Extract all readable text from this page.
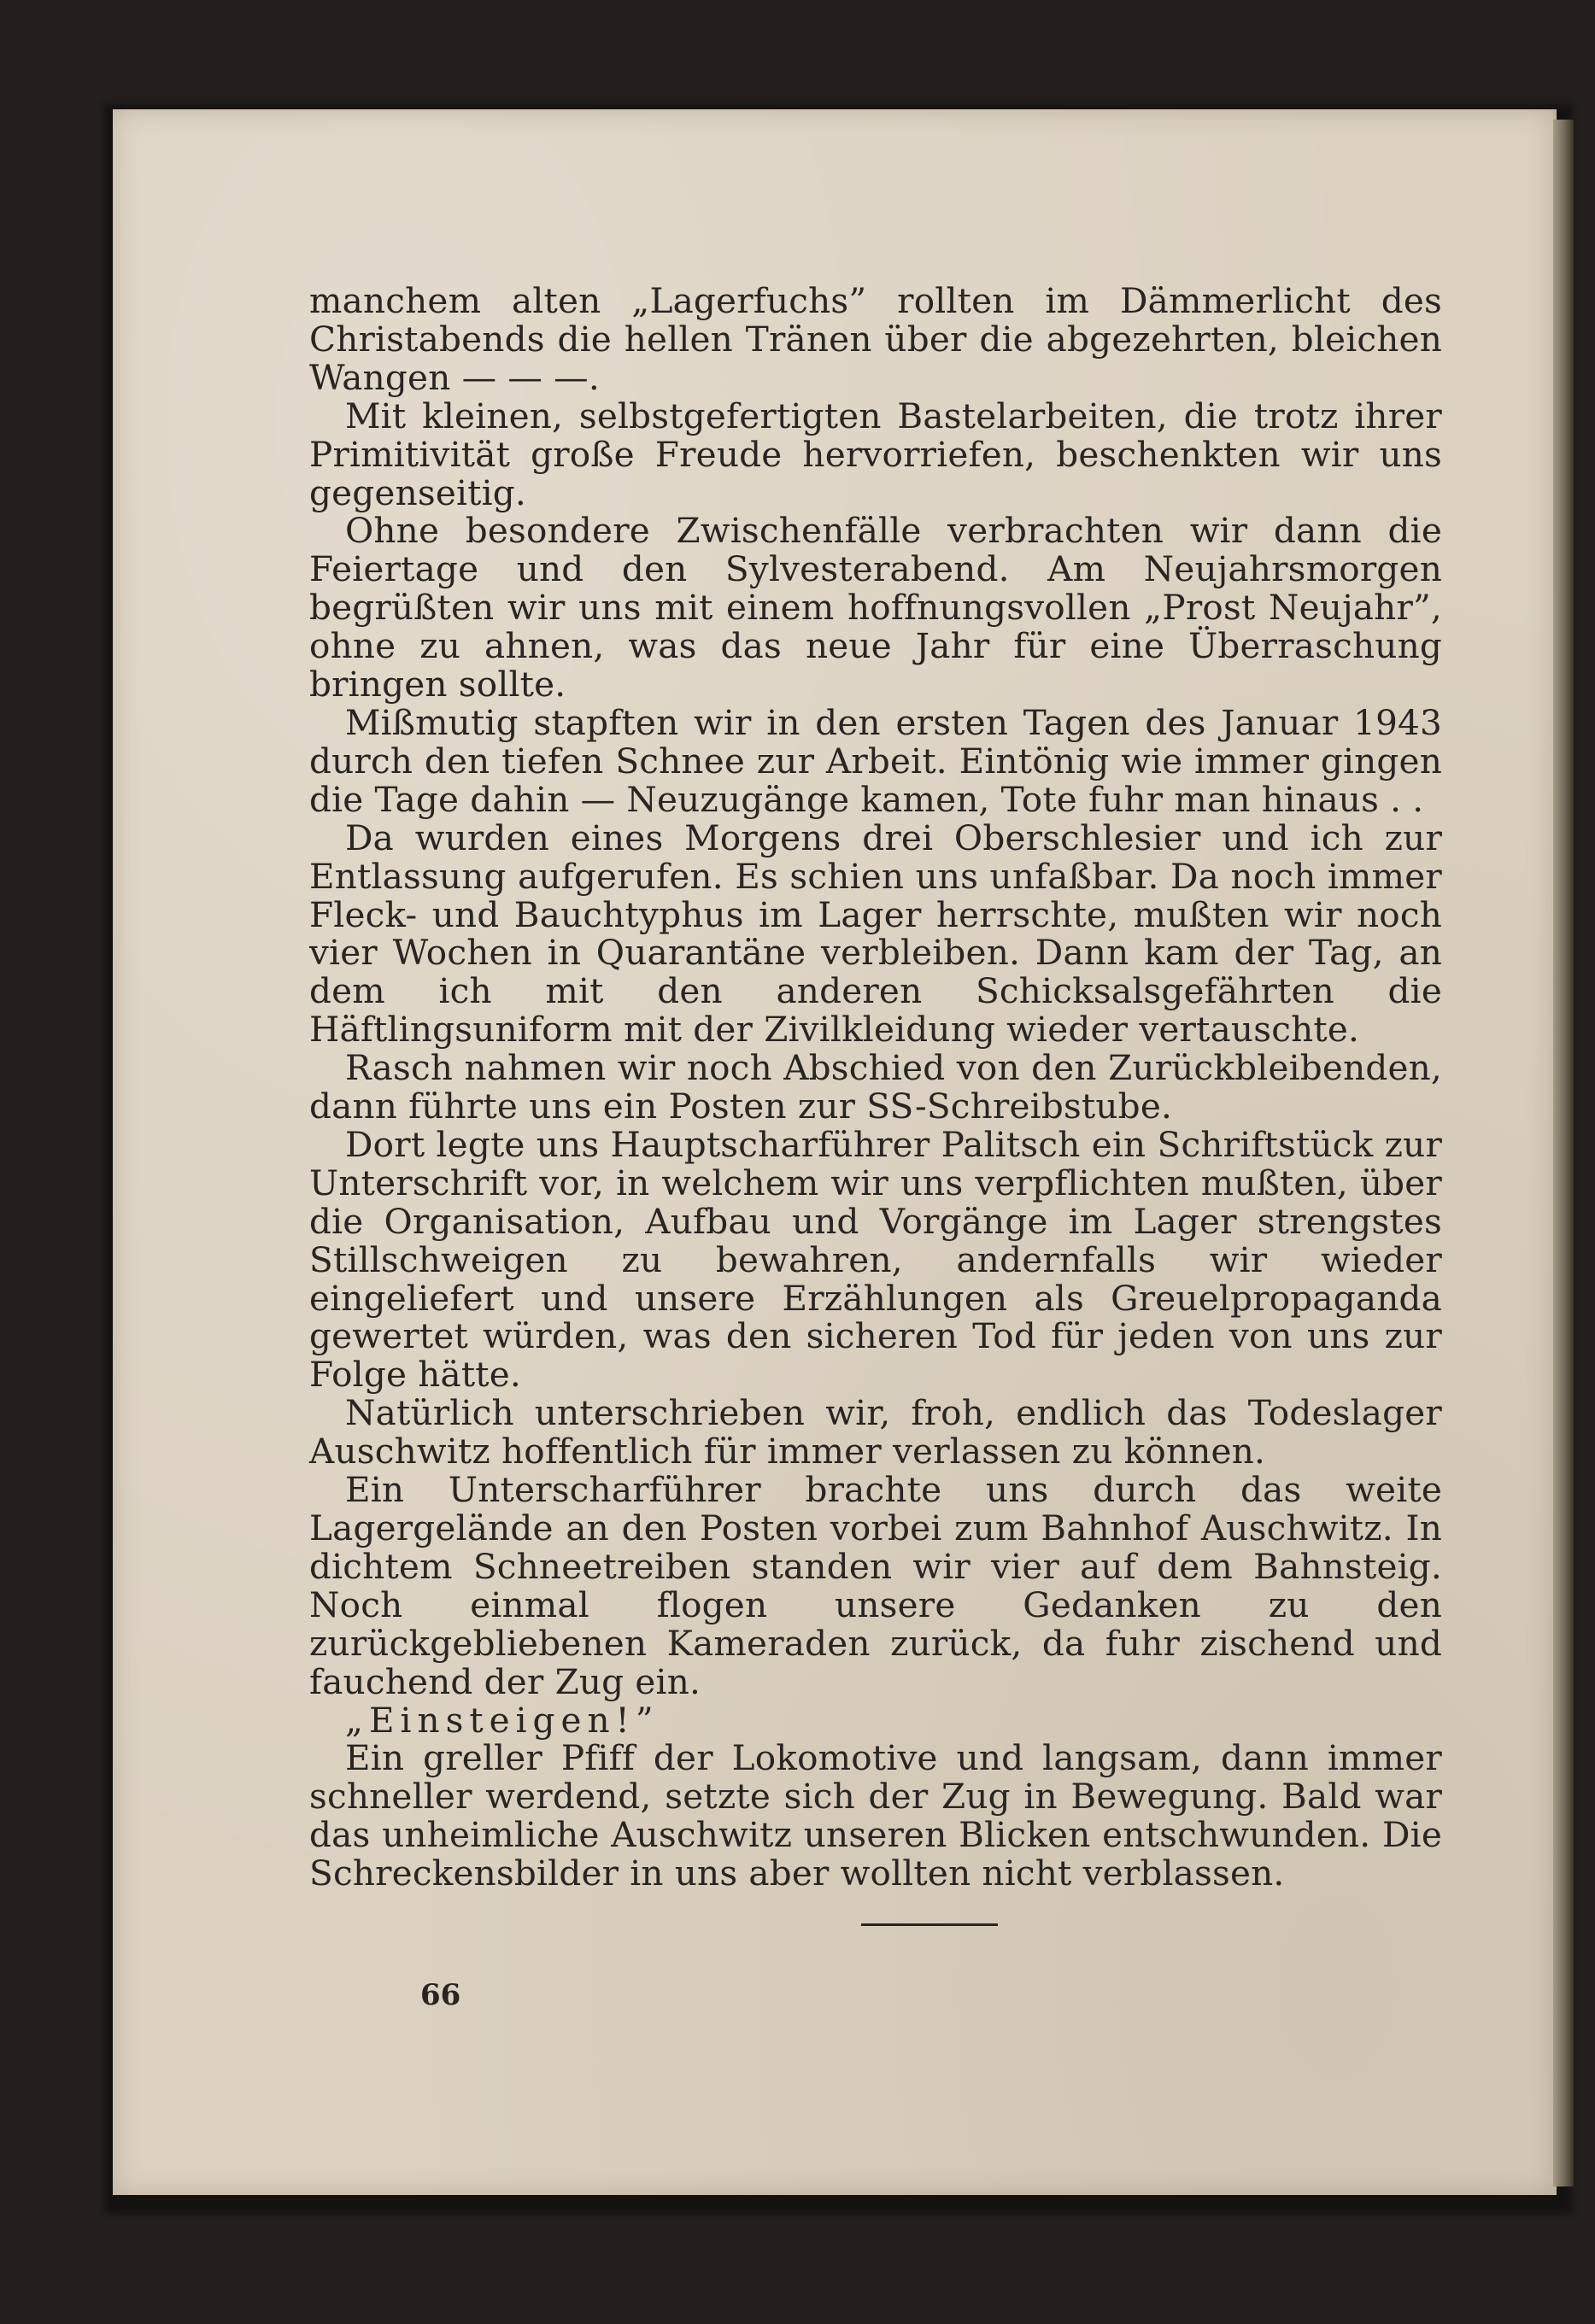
manchem alten „Lagerfuchs” rollten im Dämmerlicht des Christabends die hellen Tränen über die abgezehrten, bleichen Wangen — — —.

Mit kleinen, selbstgefertigten Bastelarbeiten, die trotz ihrer Primitivität große Freude hervorriefen, beschenkten wir uns gegenseitig.

Ohne besondere Zwischenfälle verbrachten wir dann die Feiertage und den Sylvesterabend. Am Neujahrsmorgen begrüßten wir uns mit einem hoffnungsvollen „Prost Neujahr”, ohne zu ahnen, was das neue Jahr für eine Überraschung bringen sollte.

Mißmutig stapften wir in den ersten Tagen des Januar 1943 durch den tiefen Schnee zur Arbeit. Eintönig wie immer gingen die Tage dahin — Neuzugänge kamen, Tote fuhr man hinaus . .

Da wurden eines Morgens drei Oberschlesier und ich zur Entlassung aufgerufen. Es schien uns unfaßbar. Da noch immer Fleck- und Bauchtyphus im Lager herrschte, mußten wir noch vier Wochen in Quarantäne verbleiben. Dann kam der Tag, an dem ich mit den anderen Schicksalsgefährten die Häftlingsuniform mit der Zivilkleidung wieder vertauschte.

Rasch nahmen wir noch Abschied von den Zurückbleibenden, dann führte uns ein Posten zur SS-Schreibstube.

Dort legte uns Hauptscharführer Palitsch ein Schriftstück zur Unterschrift vor, in welchem wir uns verpflichten mußten, über die Organisation, Aufbau und Vorgänge im Lager strengstes Stillschweigen zu bewahren, andernfalls wir wieder eingeliefert und unsere Erzählungen als Greuelpropaganda gewertet würden, was den sicheren Tod für jeden von uns zur Folge hätte.

Natürlich unterschrieben wir, froh, endlich das Todeslager Auschwitz hoffentlich für immer verlassen zu können.

Ein Unterscharführer brachte uns durch das weite Lagergelände an den Posten vorbei zum Bahnhof Auschwitz. In dichtem Schneetreiben standen wir vier auf dem Bahnsteig. Noch einmal flogen unsere Gedanken zu den zurückgebliebenen Kameraden zurück, da fuhr zischend und fauchend der Zug ein.

„Einsteigen!”

Ein greller Pfiff der Lokomotive und langsam, dann immer schneller werdend, setzte sich der Zug in Bewegung. Bald war das unheimliche Auschwitz unseren Blicken entschwunden. Die Schreckensbilder in uns aber wollten nicht verblassen.

66
